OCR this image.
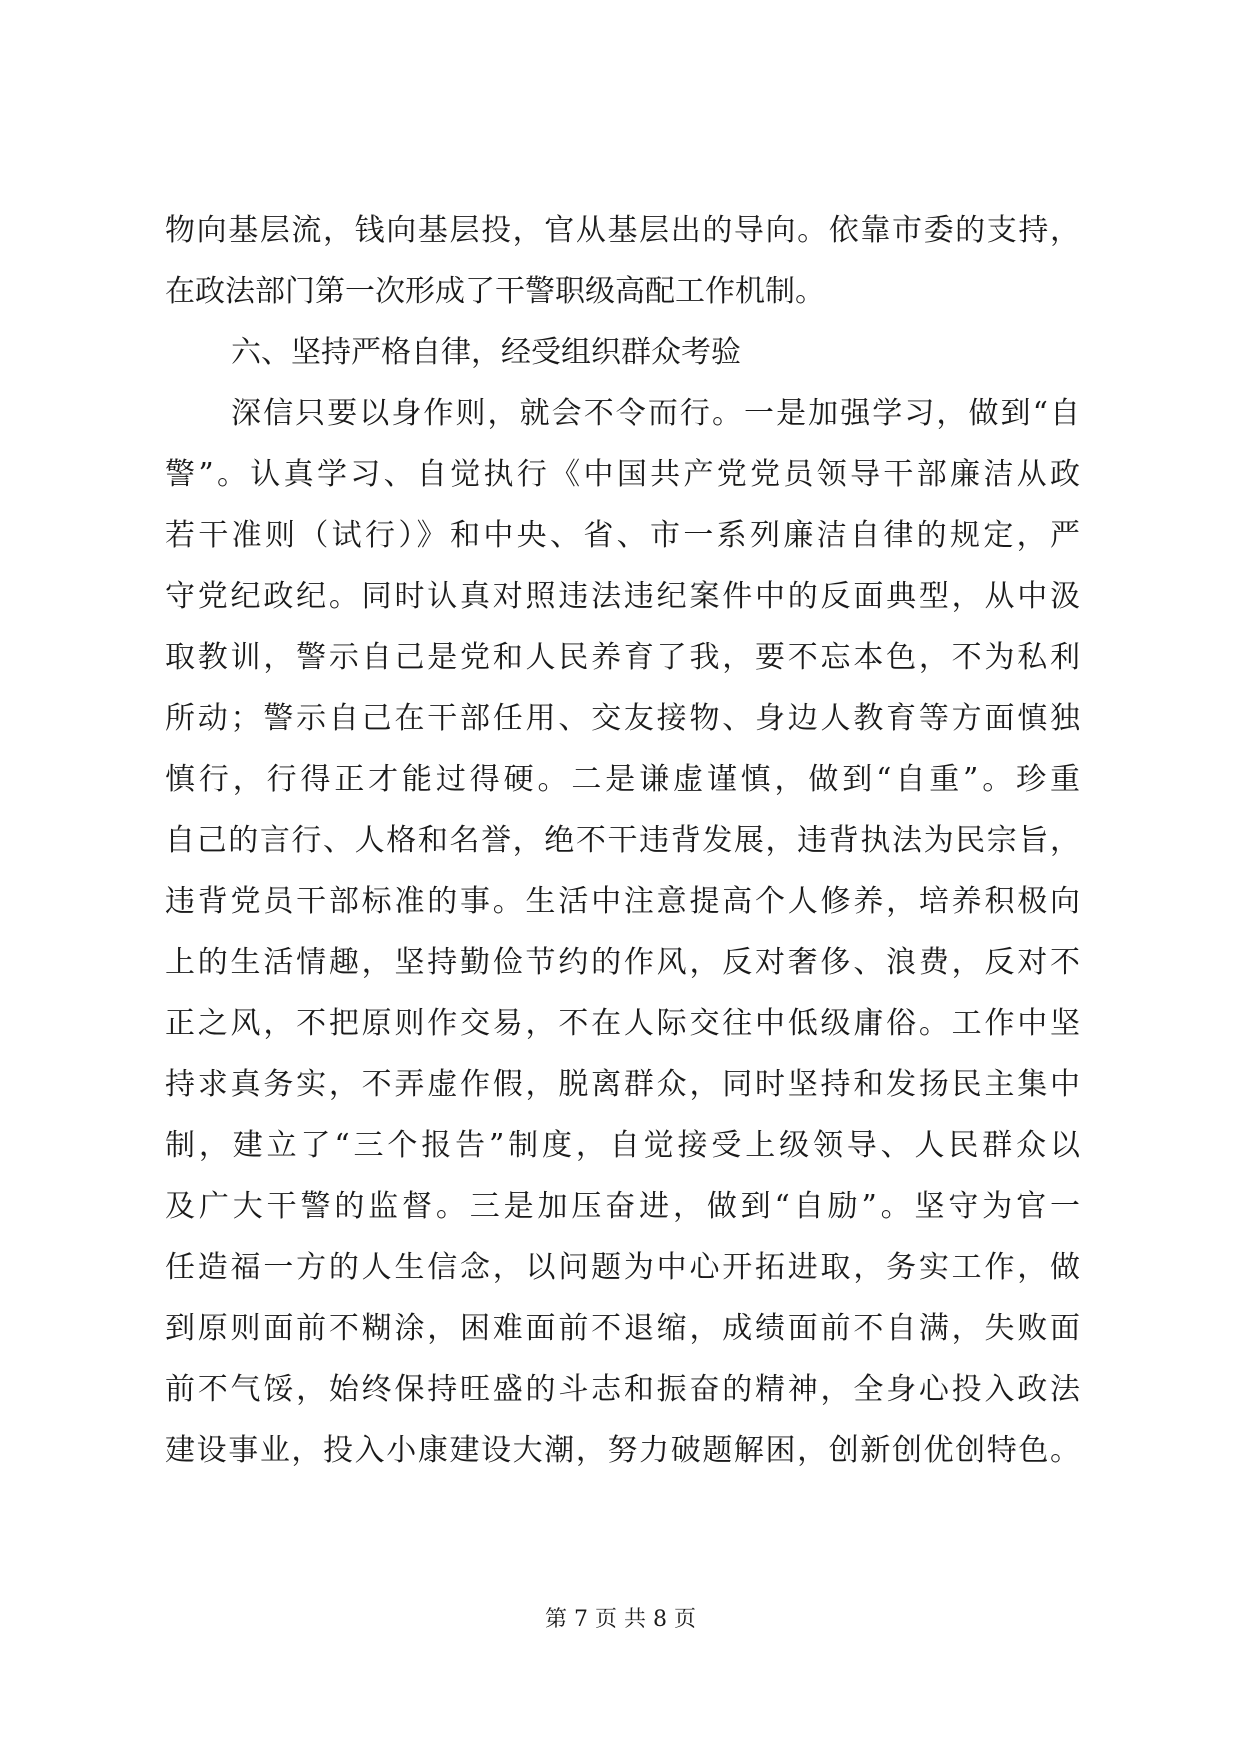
物向基层流，钱向基层投，官从基层出的导向。依靠市委的支持，
在政法部门第一次形成了干警职级高配工作机制。
六、坚持严格自律，经受组织群众考验
深信只要以身作则，就会不令而行。一是加强学习，做到“自
警”。认真学习、自觉执行《中国共产党党员领导干部廉洁从政
若干准则（试行）》和中央、省、市一系列廉洁自律的规定，严
守党纪政纪。同时认真对照违法违纪案件中的反面典型，从中汲
取教训，警示自己是党和人民养育了我，要不忘本色，不为私利
所动；警示自己在干部任用、交友接物、身边人教育等方面慎独
慎行，行得正才能过得硬。二是谦虚谨慎，做到“自重”。珍重
自己的言行、人格和名誉，绝不干违背发展，违背执法为民宗旨，
违背党员干部标准的事。生活中注意提高个人修养，培养积极向
上的生活情趣，坚持勤俭节约的作风，反对奢侈、浪费，反对不
正之风，不把原则作交易，不在人际交往中低级庸俗。工作中坚
持求真务实，不弄虚作假，脱离群众，同时坚持和发扬民主集中
制，建立了“三个报告”制度，自觉接受上级领导、人民群众以
及广大干警的监督。三是加压奋进，做到“自励”。坚守为官一
任造福一方的人生信念，以问题为中心开拓进取，务实工作，做
到原则面前不糊涂，困难面前不退缩，成绩面前不自满，失败面
前不气馁，始终保持旺盛的斗志和振奋的精神，全身心投入政法
建设事业，投入小康建设大潮，努力破题解困，创新创优创特色。
第 7 页 共 8 页
